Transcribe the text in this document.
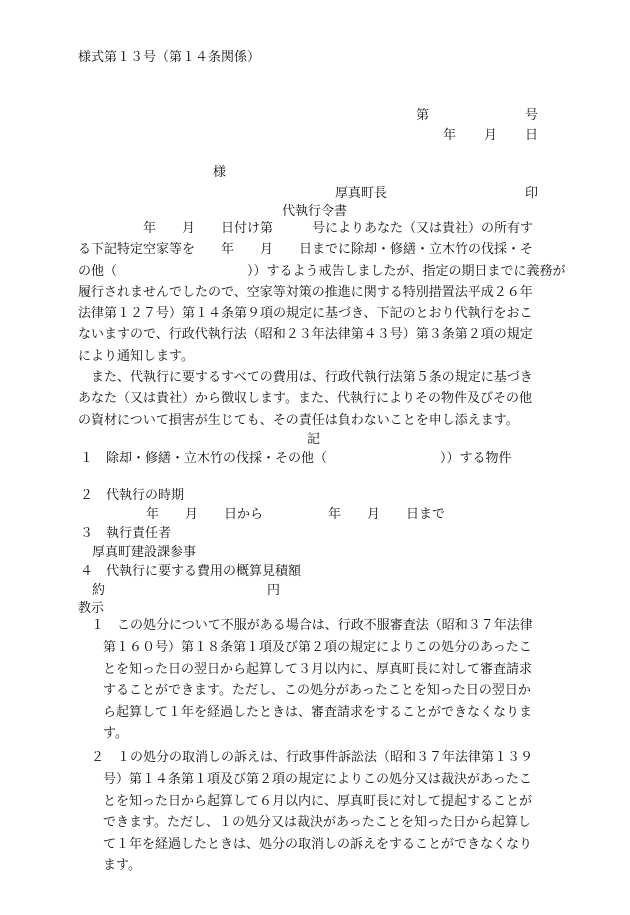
様式第１３号（第１４条関係）
第	号
年 月 日
様
厚真町長	印
代執行令書
　　　　　年　　月　　日付け第　　　号によりあなた（又は貴社）の所有す
る下記特定空家等を　　年　　月　　日までに除却・修繕・立木竹の伐採・そ
の他（　　　　　　　　　　））するよう戒告しましたが、指定の期日までに義務が
履行されませんでしたので、空家等対策の推進に関する特別措置法平成２６年
法律第１２７号）第１４条第９項の規定に基づき、下記のとおり代執行をおこ
ないますので、行政代執行法（昭和２３年法律第４３号）第３条第２項の規定
により通知します。
　また、代執行に要するすべての費用は、行政代執行法第５条の規定に基づき
あなた（又は貴社）から徴収します。また、代執行によりその物件及びその他
の資材について損害が生じても、その責任は負わないことを申し添えます。
記
１ 除却・修繕・立木竹の伐採・その他（	））する物件
２ 代執行の時期
年　　月　　日から　　　　　年　　月　　日まで
３ 執行責任者
厚真町建設課参事
４ 代執行に要する費用の概算見積額
約	円
教示
　１　 この処分について不服がある場合は、行政不服審査法（昭和３７年法律
第１６０号）第１８条第１項及び第２項の規定によりこの処分のあったこ
とを知った日の翌日から起算して３月以内に、厚真町長に対して審査請求
することができます。ただし、この処分があったことを知った日の翌日か
ら起算して１年を経過したときは、審査請求をすることができなくなりま
す。
　２　 １の処分の取消しの訴えは、行政事件訴訟法（昭和３７年法律第１３９
号）第１４条第１項及び第２項の規定によりこの処分又は裁決があったこ
とを知った日から起算して６月以内に、厚真町長に対して提起することが
できます。ただし、１の処分又は裁決があったことを知った日から起算し
て１年を経過したときは、処分の取消しの訴えをすることができなくなり
ます。
